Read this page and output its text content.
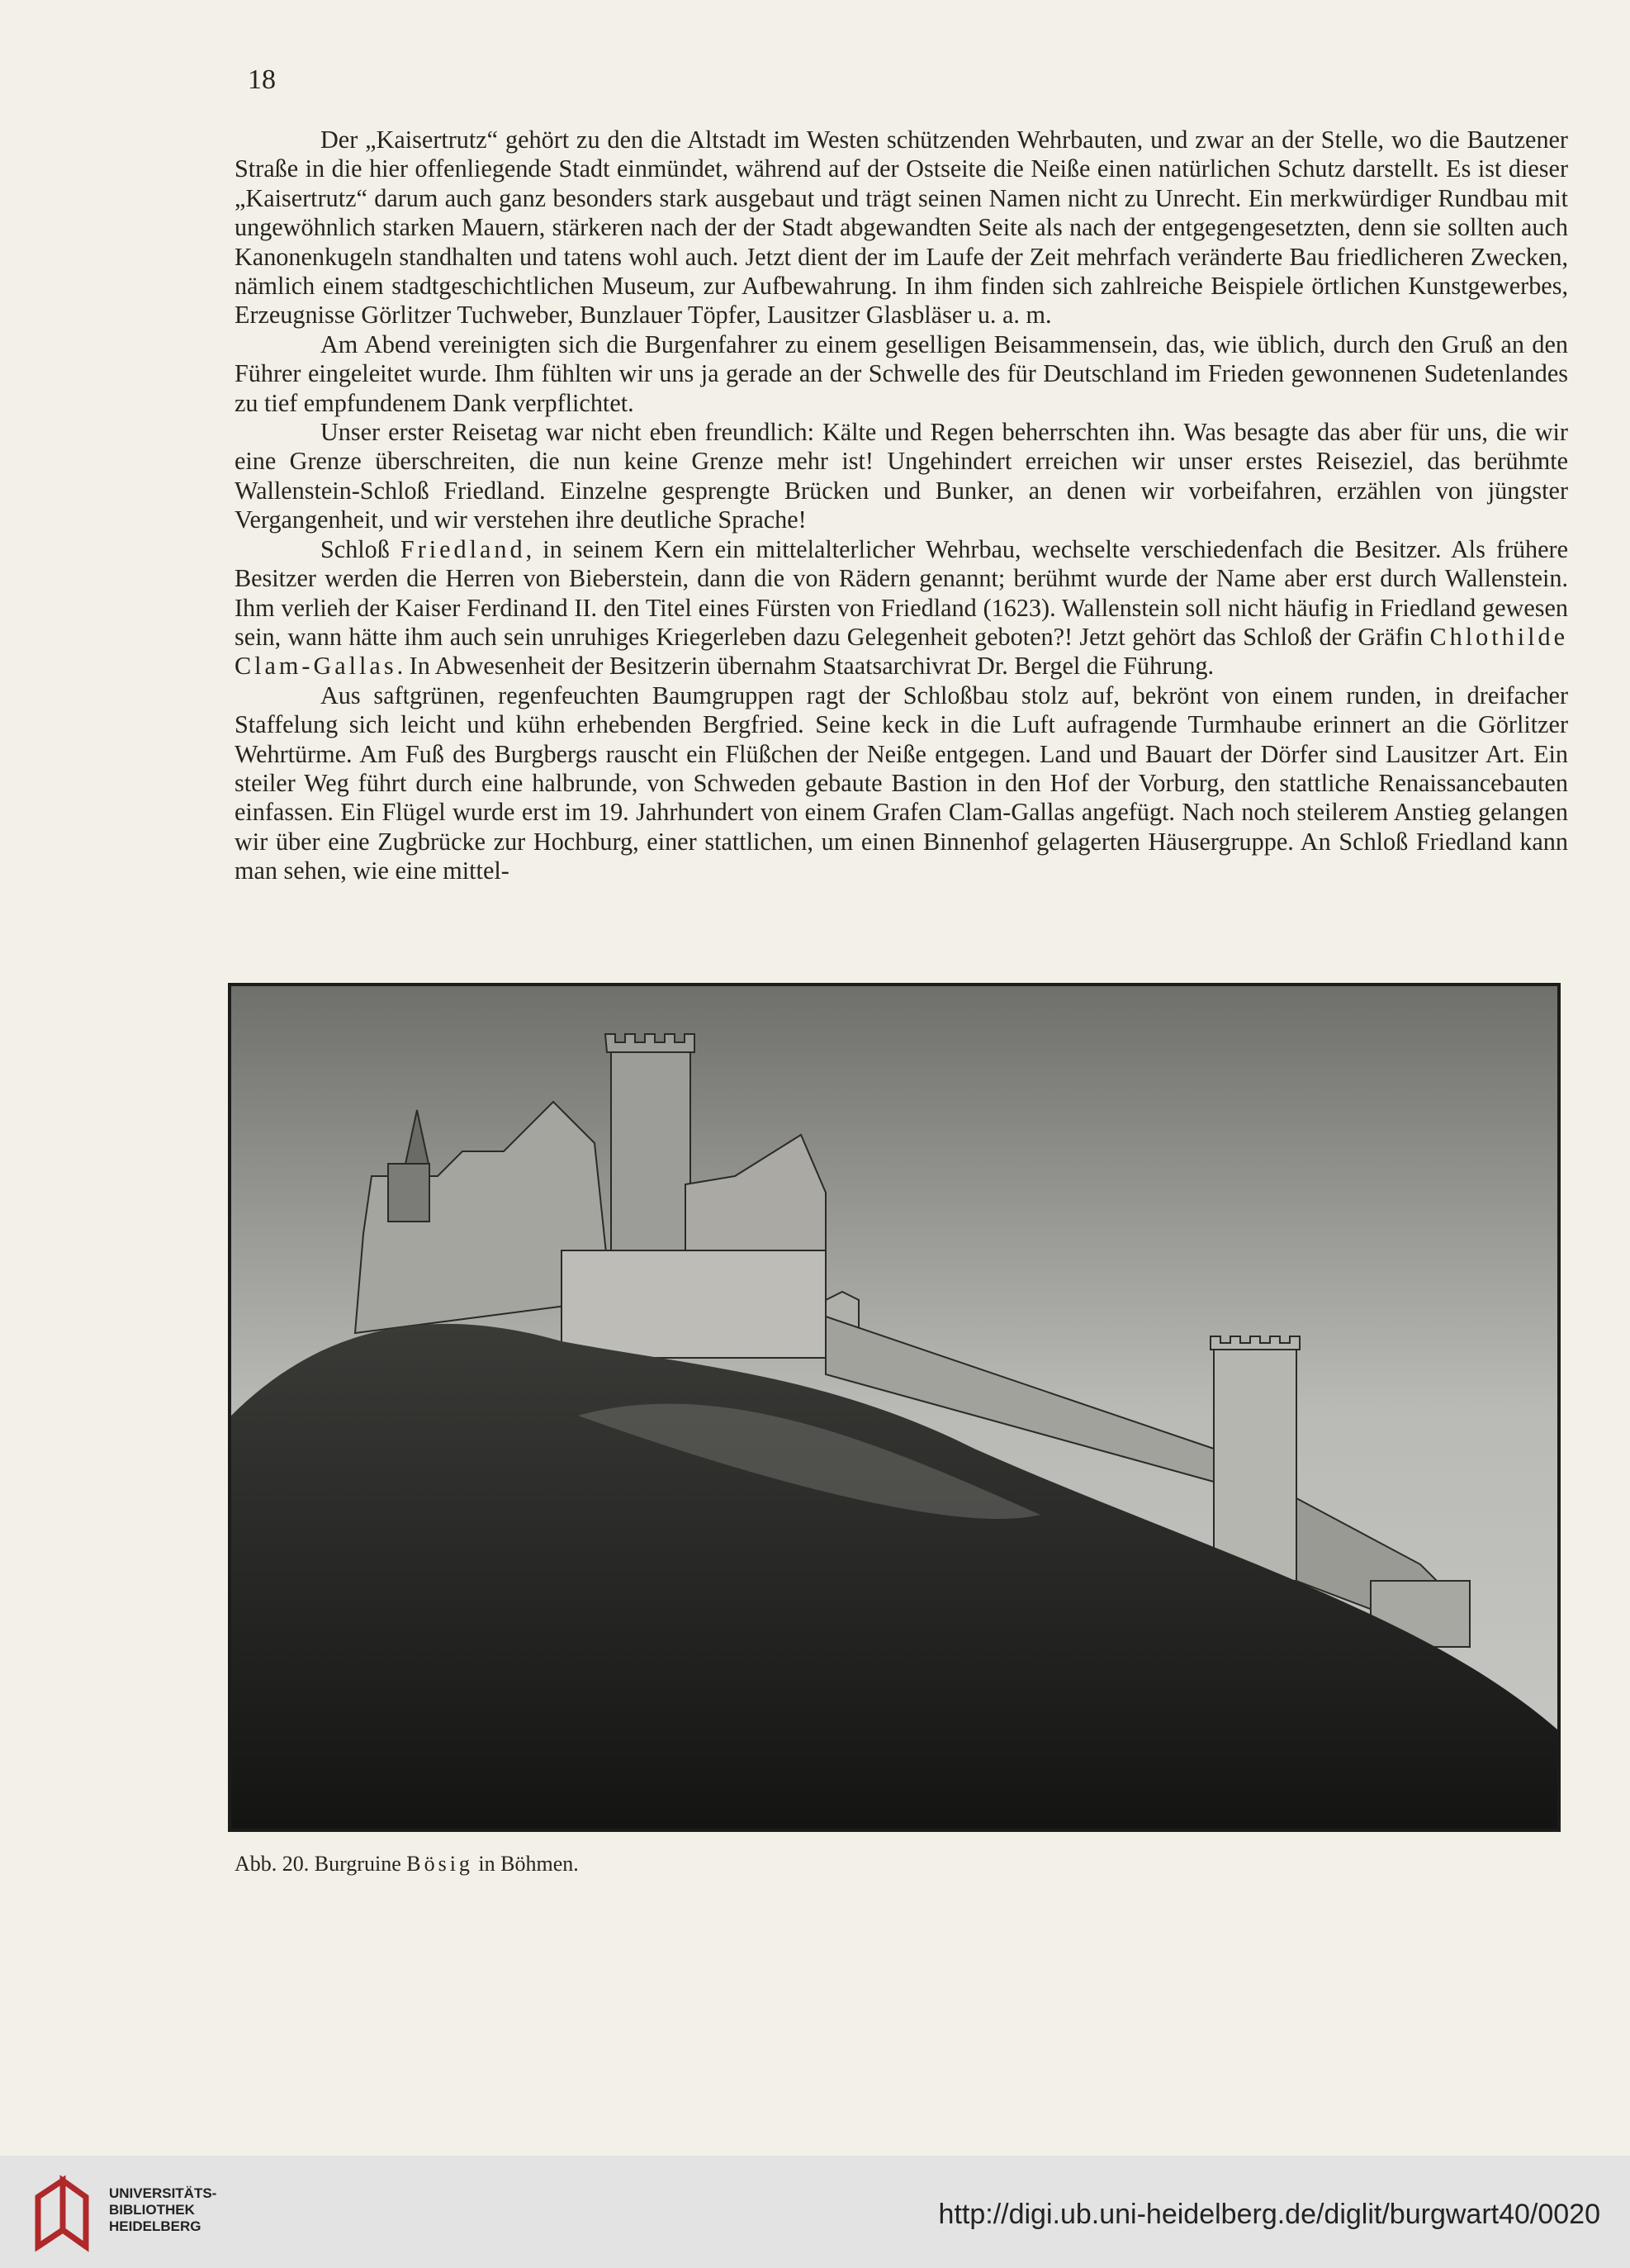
18

Der „Kaisertrutz“ gehört zu den die Altstadt im Westen schützenden Wehrbauten, und zwar an der Stelle, wo die Bautzener Straße in die hier offenliegende Stadt einmündet, während auf der Ostseite die Neiße einen natürlichen Schutz darstellt. Es ist dieser „Kaisertrutz“ darum auch ganz besonders stark ausgebaut und trägt seinen Namen nicht zu Unrecht. Ein merkwürdiger Rundbau mit ungewöhnlich starken Mauern, stärkeren nach der der Stadt abgewandten Seite als nach der entgegengesetzten, denn sie sollten auch Kanonenkugeln standhalten und tatens wohl auch. Jetzt dient der im Laufe der Zeit mehrfach veränderte Bau friedlicheren Zwecken, nämlich einem stadtgeschichtlichen Museum, zur Aufbewahrung. In ihm finden sich zahlreiche Beispiele örtlichen Kunstgewerbes, Erzeugnisse Görlitzer Tuchweber, Bunzlauer Töpfer, Lausitzer Glasbläser u. a. m.

Am Abend vereinigten sich die Burgenfahrer zu einem geselligen Beisammensein, das, wie üblich, durch den Gruß an den Führer eingeleitet wurde. Ihm fühlten wir uns ja gerade an der Schwelle des für Deutschland im Frieden gewonnenen Sudetenlandes zu tief empfundenem Dank verpflichtet.

Unser erster Reisetag war nicht eben freundlich: Kälte und Regen beherrschten ihn. Was besagte das aber für uns, die wir eine Grenze überschreiten, die nun keine Grenze mehr ist! Ungehindert erreichen wir unser erstes Reiseziel, das berühmte Wallenstein-Schloß Friedland. Einzelne gesprengte Brücken und Bunker, an denen wir vorbeifahren, erzählen von jüngster Vergangenheit, und wir verstehen ihre deutliche Sprache!

Schloß Friedland, in seinem Kern ein mittelalterlicher Wehrbau, wechselte verschiedenfach die Besitzer. Als frühere Besitzer werden die Herren von Bieberstein, dann die von Rädern genannt; berühmt wurde der Name aber erst durch Wallenstein. Ihm verlieh der Kaiser Ferdinand II. den Titel eines Fürsten von Friedland (1623). Wallenstein soll nicht häufig in Friedland gewesen sein, wann hätte ihm auch sein unruhiges Kriegerleben dazu Gelegenheit geboten?! Jetzt gehört das Schloß der Gräfin Chlothilde Clam-Gallas. In Abwesenheit der Besitzerin übernahm Staatsarchivrat Dr. Bergel die Führung.

Aus saftgrünen, regenfeuchten Baumgruppen ragt der Schloßbau stolz auf, bekrönt von einem runden, in dreifacher Staffelung sich leicht und kühn erhebenden Bergfried. Seine keck in die Luft aufragende Turmhaube erinnert an die Görlitzer Wehrtürme. Am Fuß des Burgbergs rauscht ein Flüßchen der Neiße entgegen. Land und Bauart der Dörfer sind Lausitzer Art. Ein steiler Weg führt durch eine halbrunde, von Schweden gebaute Bastion in den Hof der Vorburg, den stattliche Renaissancebauten einfassen. Ein Flügel wurde erst im 19. Jahrhundert von einem Grafen Clam-Gallas angefügt. Nach noch steilerem Anstieg gelangen wir über eine Zugbrücke zur Hochburg, einer stattlichen, um einen Binnenhof gelagerten Häusergruppe. An Schloß Friedland kann man sehen, wie eine mittel-

Abb. 20. Burgruine Bösig in Böhmen.
UNIVERSITÄTS-
BIBLIOTHEK
HEIDELBERG	http://digi.ub.uni-heidelberg.de/diglit/burgwart40/0020
